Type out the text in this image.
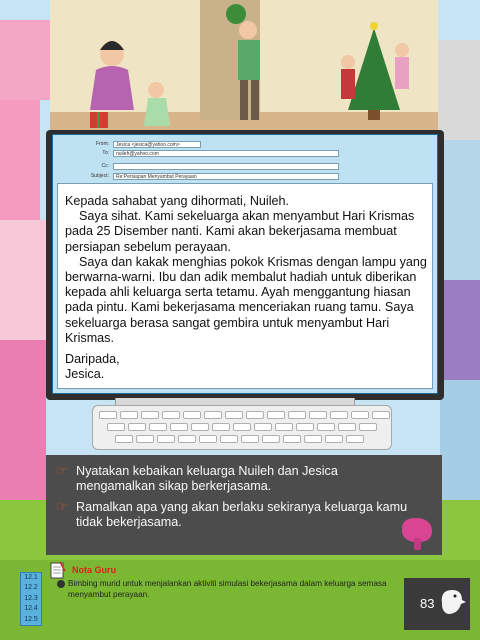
From:	Jesica <jesica@yahoo.com>
To:	nuileh@yahoo.com
Cc:
Subject:	Re:Persiapan Menyambut Perayaan

Kepada sahabat yang dihormati, Nuileh.

Saya sihat. Kami sekeluarga akan menyambut Hari Krismas pada 25 Disember nanti. Kami akan bekerjasama membuat persiapan sebelum perayaan.

Saya dan kakak menghias pokok Krismas dengan lampu yang berwarna-warni. Ibu dan adik membalut hadiah untuk diberikan kepada ahli keluarga serta tetamu. Ayah menggantung hiasan pada pintu. Kami bekerjasama menceriakan ruang tamu. Saya sekeluarga berasa sangat gembira untuk menyambut Hari Krismas.

Daripada,

Jesica.

☞ Nyatakan kebaikan keluarga Nuileh dan Jesica mengamalkan sikap berkerjasama.
☞ Ramalkan apa yang akan berlaku sekiranya keluarga kamu tidak bekerjasama.
12.1
12.2
12.3
12.4
12.5
Nota Guru
Bimbing murid untuk menjalankan aktiviti simulasi bekerjasama dalam keluarga semasa menyambut perayaan.
83
